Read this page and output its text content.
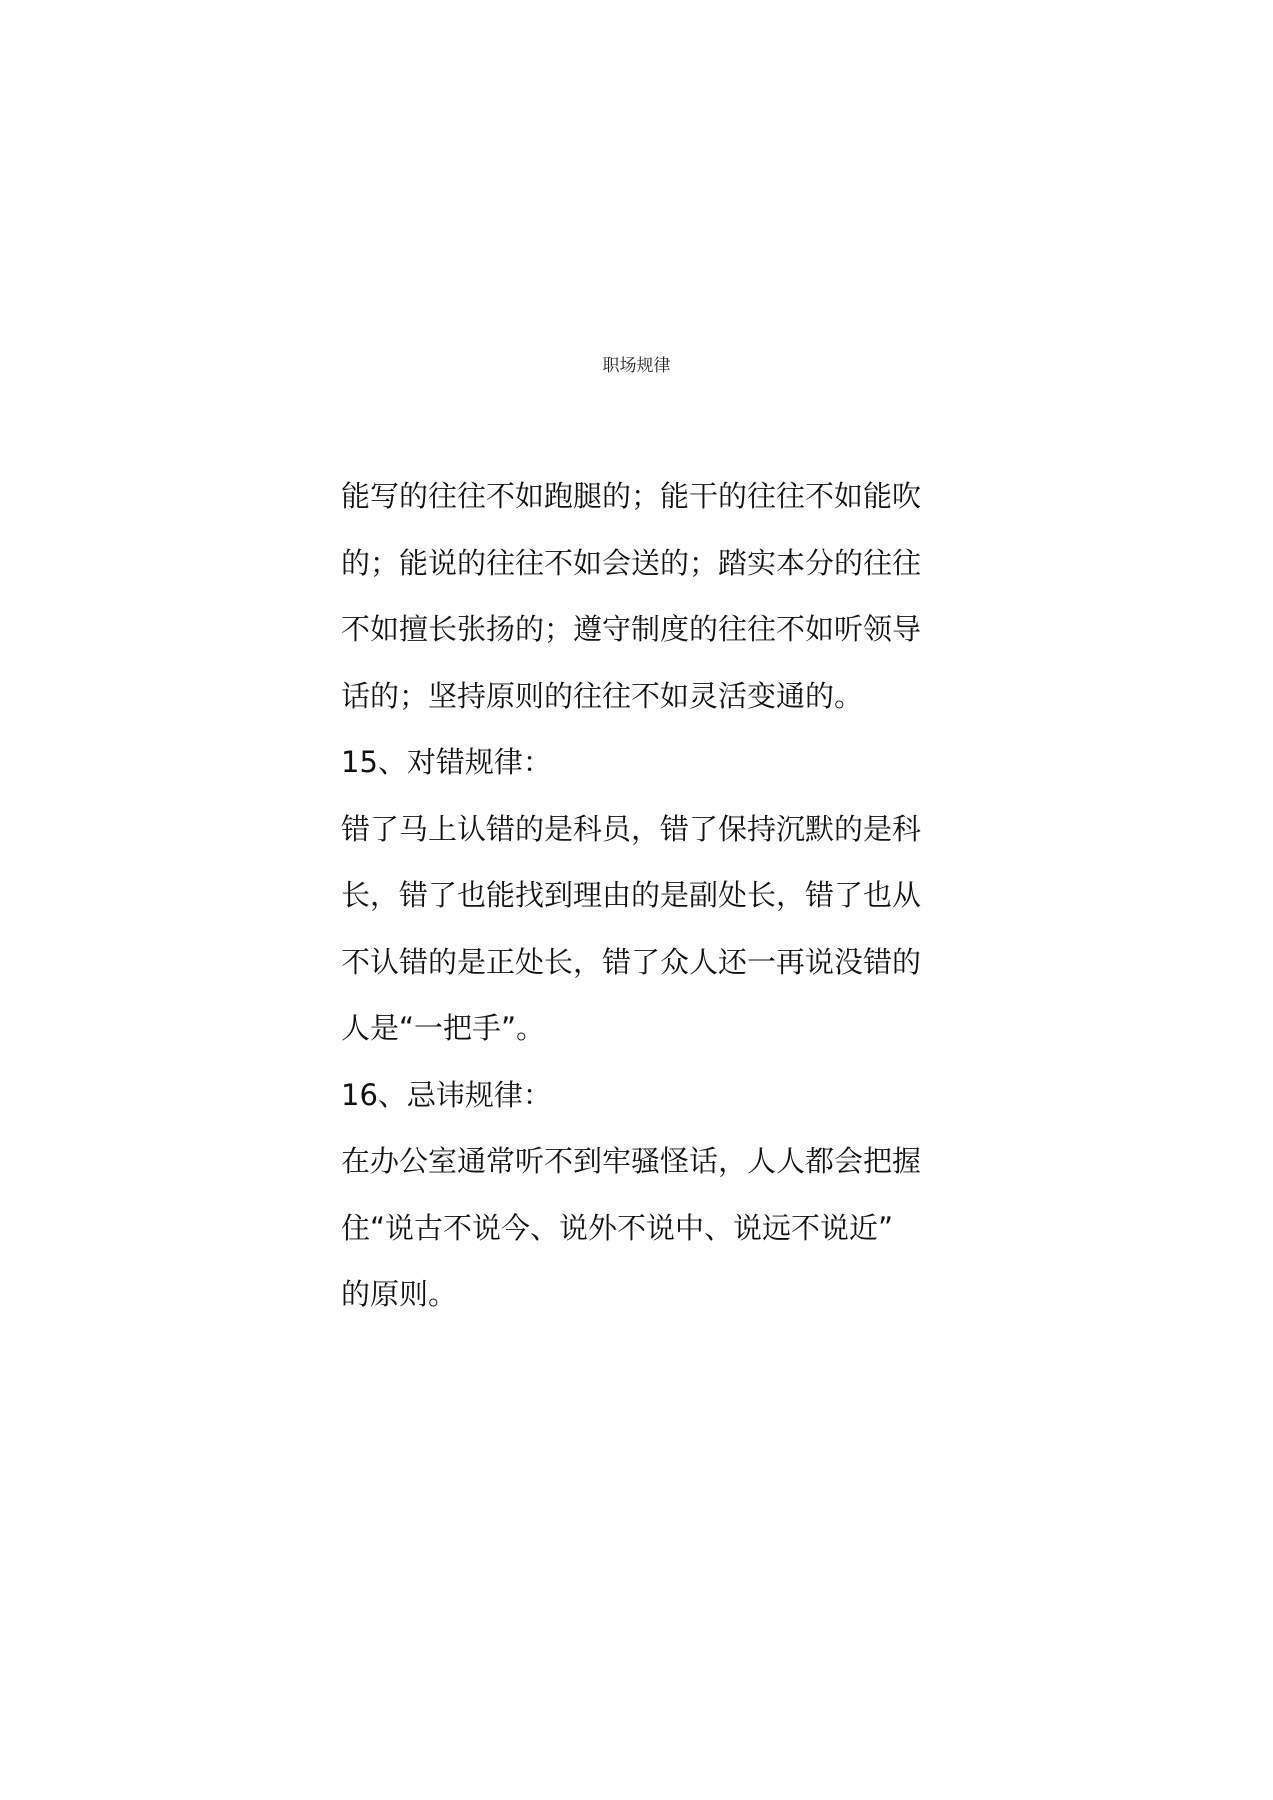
职场规律
能写的往往不如跑腿的；能干的往往不如能吹
的；能说的往往不如会送的；踏实本分的往往
不如擅长张扬的；遵守制度的往往不如听领导
话的；坚持原则的往往不如灵活变通的。
15、对错规律：
错了马上认错的是科员，错了保持沉默的是科
长，错了也能找到理由的是副处长，错了也从
不认错的是正处长，错了众人还一再说没错的
人是“一把手”。
16、忌讳规律：
在办公室通常听不到牢骚怪话，人人都会把握
住“说古不说今、说外不说中、说远不说近”
的原则。
